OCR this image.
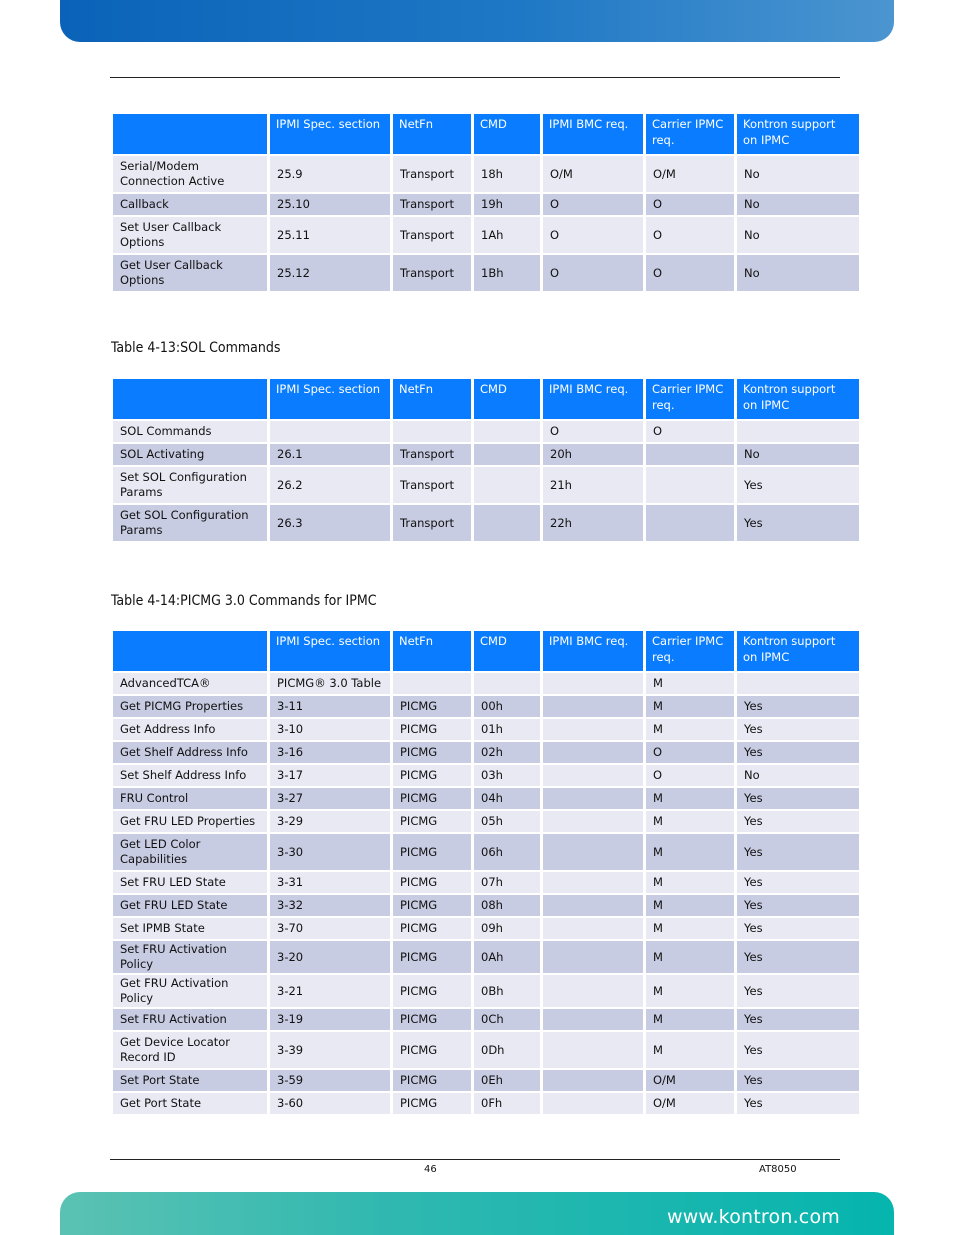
	IPMI Spec. section	NetFn	CMD	IPMI BMC req.	Carrier IPMC req.	Kontron support on IPMC
Serial/Modem Connection Active	25.9	Transport	18h	O/M	O/M	No
Callback	25.10	Transport	19h	O	O	No
Set User Callback Options	25.11	Transport	1Ah	O	O	No
Get User Callback Options	25.12	Transport	1Bh	O	O	No
Table 4-13:SOL Commands
	IPMI Spec. section	NetFn	CMD	IPMI BMC req.	Carrier IPMC req.	Kontron support on IPMC
SOL Commands				O	O	
SOL Activating	26.1	Transport		20h		No
Set SOL Configuration Params	26.2	Transport		21h		Yes
Get SOL Configuration Params	26.3	Transport		22h		Yes
Table 4-14:PICMG 3.0 Commands for IPMC
	IPMI Spec. section	NetFn	CMD	IPMI BMC req.	Carrier IPMC req.	Kontron support on IPMC
AdvancedTCA®	PICMG® 3.0 Table				M	
Get PICMG Properties	3-11	PICMG	00h		M	Yes
Get Address Info	3-10	PICMG	01h		M	Yes
Get Shelf Address Info	3-16	PICMG	02h		O	Yes
Set Shelf Address Info	3-17	PICMG	03h		O	No
FRU Control	3-27	PICMG	04h		M	Yes
Get FRU LED Properties	3-29	PICMG	05h		M	Yes
Get LED Color Capabilities	3-30	PICMG	06h		M	Yes
Set FRU LED State	3-31	PICMG	07h		M	Yes
Get FRU LED State	3-32	PICMG	08h		M	Yes
Set IPMB State	3-70	PICMG	09h		M	Yes
Set FRU Activation Policy	3-20	PICMG	0Ah		M	Yes
Get FRU Activation Policy	3-21	PICMG	0Bh		M	Yes
Set FRU Activation	3-19	PICMG	0Ch		M	Yes
Get Device Locator Record ID	3-39	PICMG	0Dh		M	Yes
Set Port State	3-59	PICMG	0Eh		O/M	Yes
Get Port State	3-60	PICMG	0Fh		O/M	Yes
46	AT8050
www.kontron.com
